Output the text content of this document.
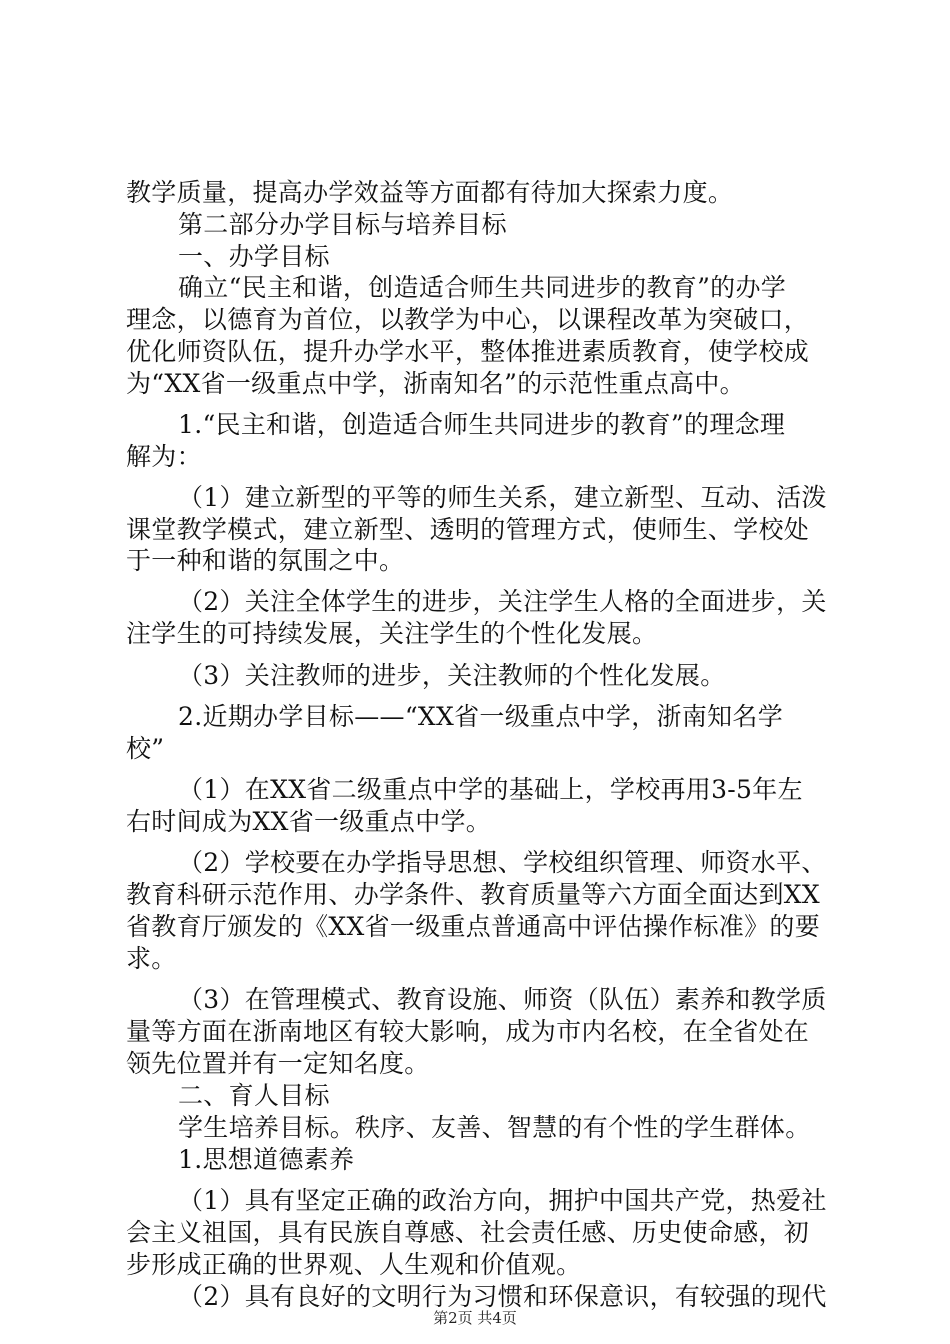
教学质量，提高办学效益等方面都有待加大探索力度。
第二部分办学目标与培养目标
一、办学目标
确立“民主和谐，创造适合师生共同进步的教育”的办学
理念，以德育为首位，以教学为中心，以课程改革为突破口，
优化师资队伍，提升办学水平，整体推进素质教育，使学校成
为“XX省一级重点中学，浙南知名”的示范性重点高中。
1.“民主和谐，创造适合师生共同进步的教育”的理念理
解为：
（1）建立新型的平等的师生关系，建立新型、互动、活泼
课堂教学模式，建立新型、透明的管理方式，使师生、学校处
于一种和谐的氛围之中。
（2）关注全体学生的进步，关注学生人格的全面进步，关
注学生的可持续发展，关注学生的个性化发展。
（3）关注教师的进步，关注教师的个性化发展。
2.近期办学目标——“XX省一级重点中学，浙南知名学
校”
（1）在XX省二级重点中学的基础上，学校再用3-5年左
右时间成为XX省一级重点中学。
（2）学校要在办学指导思想、学校组织管理、师资水平、
教育科研示范作用、办学条件、教育质量等六方面全面达到XX
省教育厅颁发的《XX省一级重点普通高中评估操作标准》的要
求。
（3）在管理模式、教育设施、师资（队伍）素养和教学质
量等方面在浙南地区有较大影响，成为市内名校，在全省处在
领先位置并有一定知名度。
二、育人目标
学生培养目标。秩序、友善、智慧的有个性的学生群体。
1.思想道德素养
（1）具有坚定正确的政治方向，拥护中国共产党，热爱社
会主义祖国，具有民族自尊感、社会责任感、历史使命感，初
步形成正确的世界观、人生观和价值观。
（2）具有良好的文明行为习惯和环保意识，有较强的现代
第2页 共4页
